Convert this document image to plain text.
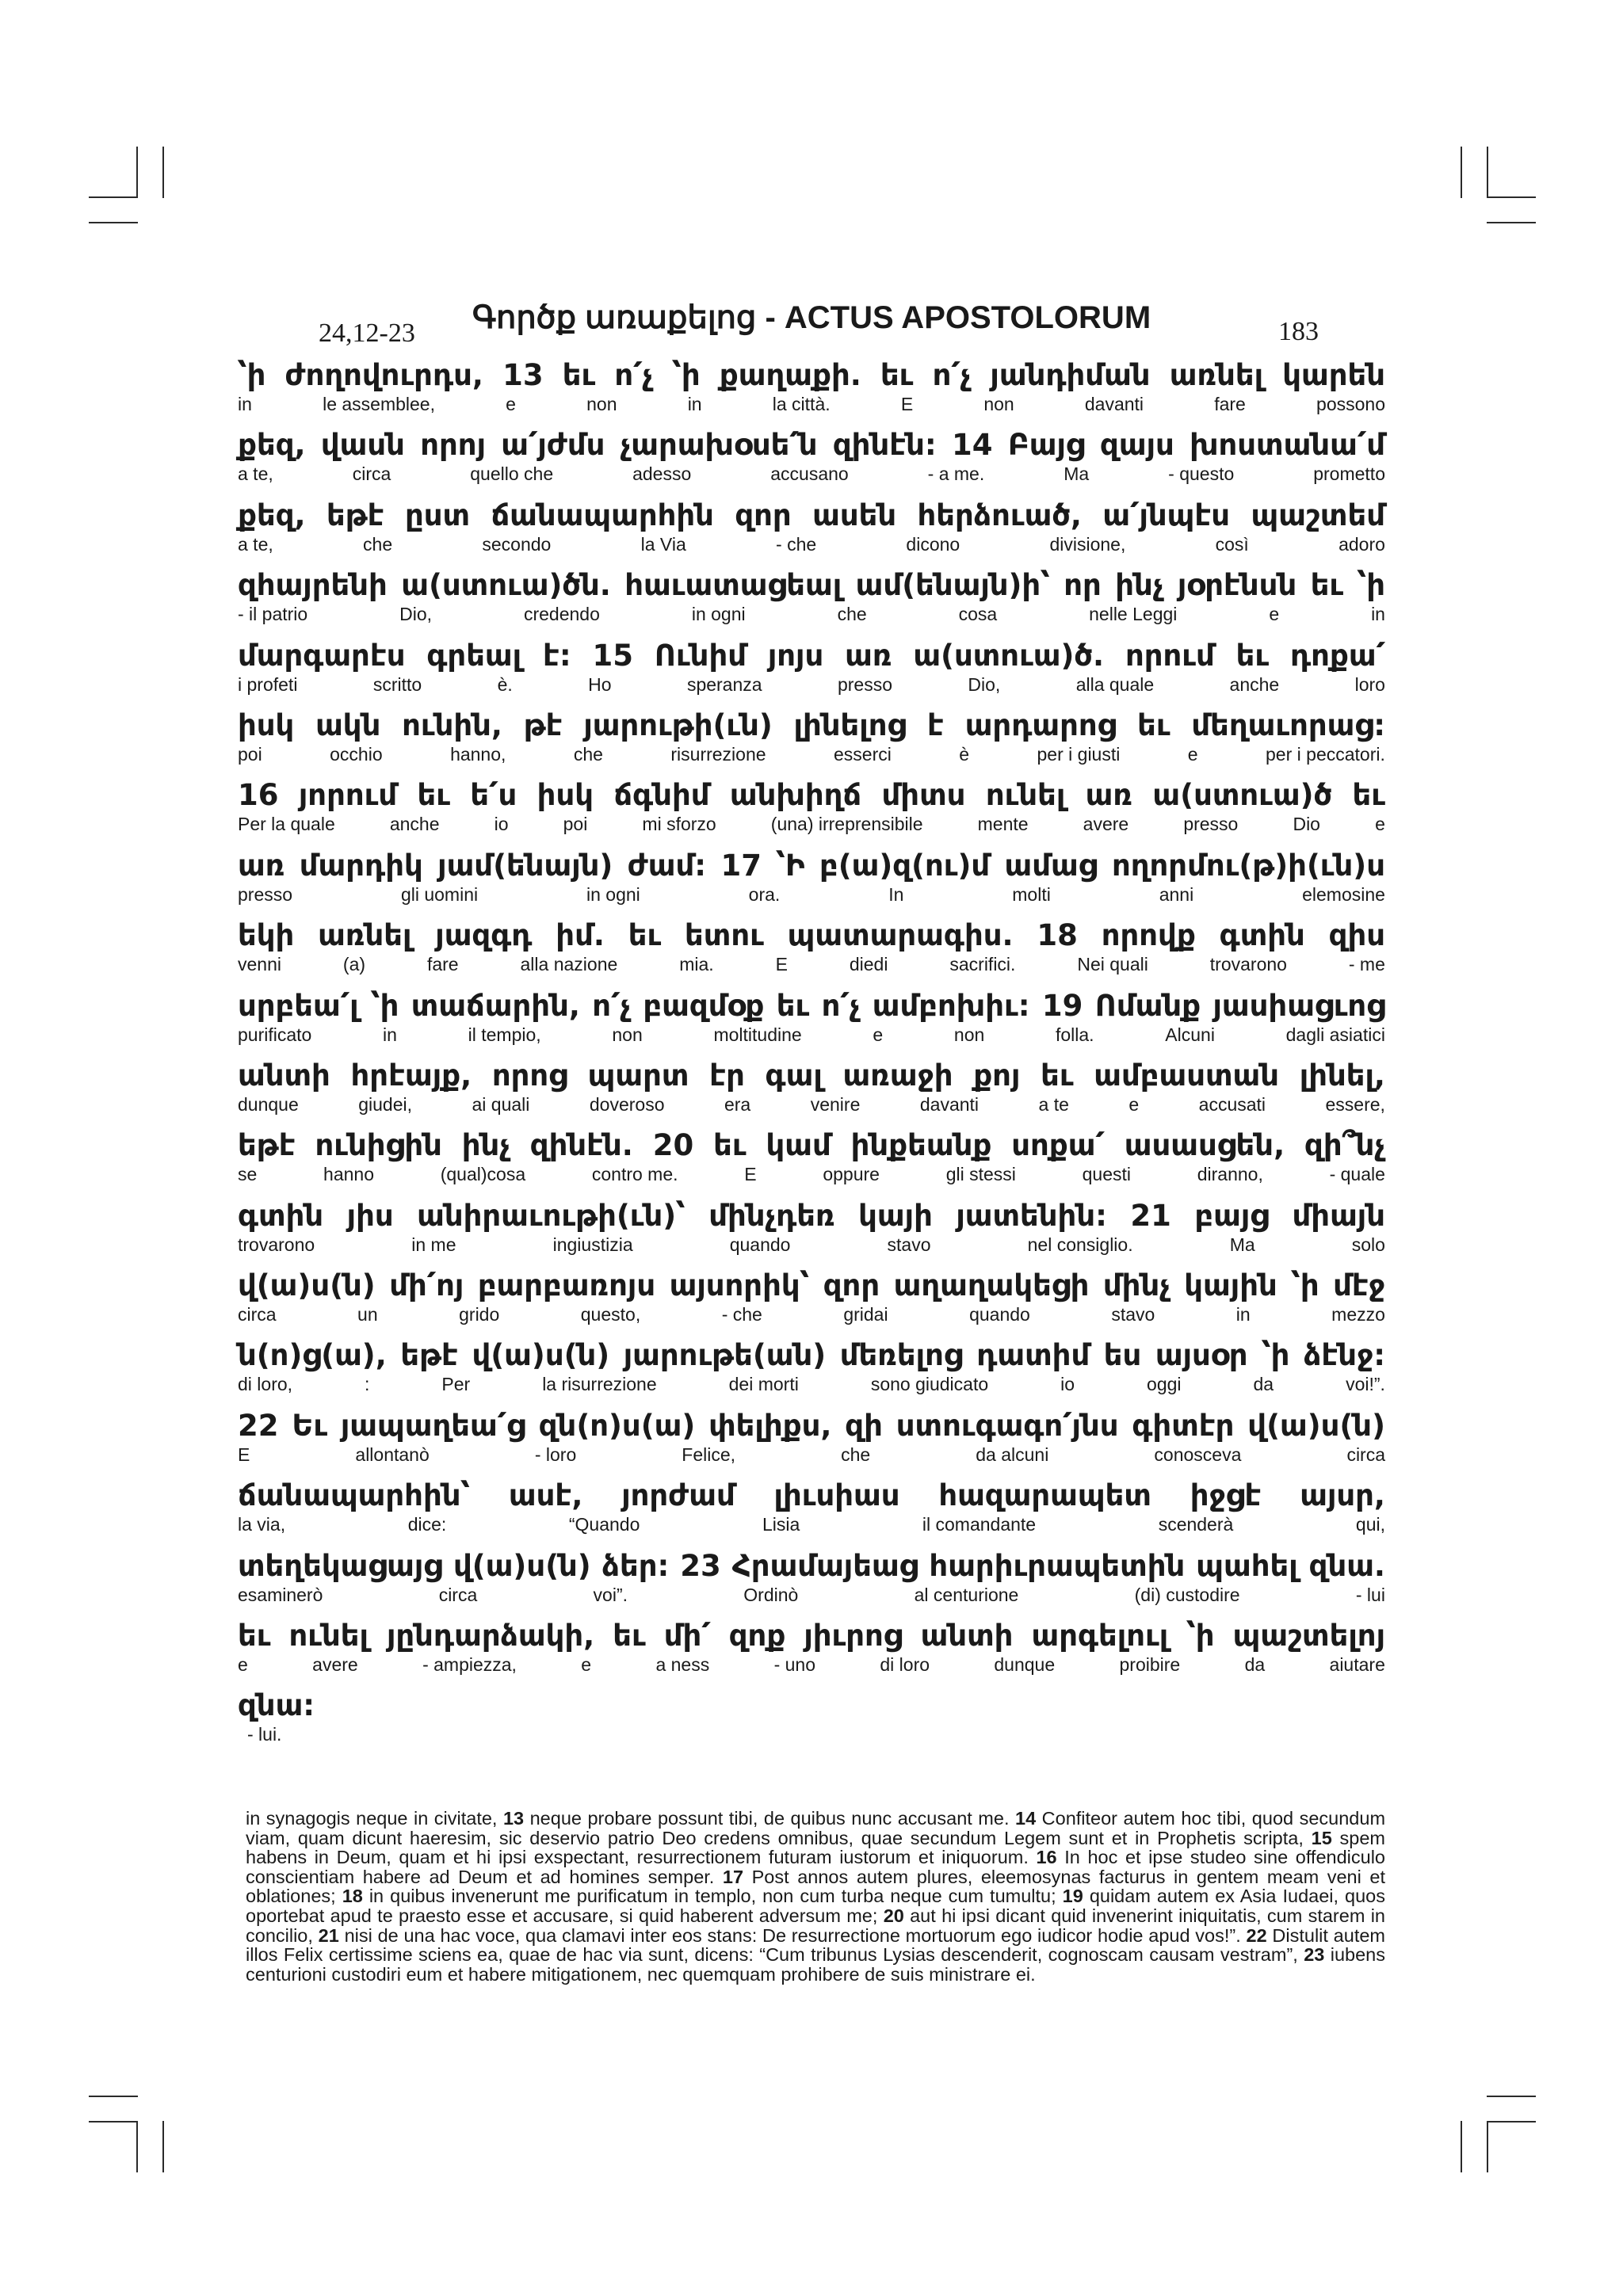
24,12-23	Գործք առաքելոց - ACTUS APOSTOLORUM	183
՝ի ժողովուրդս, 13 եւ ո՛չ ՝ի քաղաքի. եւ ո՛չ յանդիման առնել կարեն
in	le assemblee,	e	non	in	la città.	E	non	davanti	fare	possono
քեզ, վասն որոյ ա՛յժմս չարախօսե՛ն զինէն: 14 Բայց զայս խոստանա՛մ
a te,	circa	quello che	adesso	accusano	- a me.	Ma	- questo	prometto
քեզ, եթէ ըստ ճանապարհին զոր ասեն հերձուած, ա՛յնպէս պաշտեմ
a te,	che	secondo	la Via	- che	dicono	divisione,	così	adoro
զհայրենի ա(ստուա)ծն. հաւատացեալ ամ(ենայն)ի՝ որ ինչ յօրէնսն եւ ՝ի
- il patrio	Dio,	credendo	in ogni	che	cosa	nelle Leggi	e	in
մարգարէս գրեալ է: 15 Ունիմ յոյս առ ա(ստուա)ծ. որում եւ դոքա՛
i profeti	scritto	è.	Ho	speranza	presso	Dio,	alla quale	anche	loro
իսկ ակն ունին, թէ յարութի(ւն) լինելոց է արդարոց եւ մեղաւորաց:
poi	occhio	hanno,	che	risurrezione	esserci	è	per i giusti	e	per i peccatori.
16 յորում եւ ե՛ս իսկ ճգնիմ անխիղճ միտս ունել առ ա(ստուա)ծ եւ
Per la quale	anche	io	poi	mi sforzo	(una) irreprensibile	mente	avere	presso	Dio	e
առ մարդիկ յամ(ենայն) ժամ: 17 ՝Ի բ(ա)զ(ու)մ ամաց ողորմու(թ)ի(ւն)ս
presso	gli uomini	in ogni	ora.	In	molti	anni	elemosine
եկի առնել յազգդ իմ. եւ ետու պատարագիս. 18 որովք գտին զիս
venni	(a)	fare	alla nazione	mia.	E	diedi	sacrifici.	Nei quali	trovarono	- me
սրբեա՛լ ՝ի տաճարին, ո՛չ բազմօք եւ ո՛չ ամբոխիւ: 19 Ոմանք յասիացւոց
purificato	in	il tempio,	non	moltitudine	e	non	folla.	Alcuni	dagli asiatici
անտի հրէայք, որոց պարտ էր գալ առաջի քոյ եւ ամբաստան լինել,
dunque	giudei,	ai quali	doveroso	era	venire	davanti	a te	e	accusati	essere,
եթէ ունիցին ինչ զինէն. 20 եւ կամ ինքեանք սոքա՛ ասասցեն, զի՞նչ
se	hanno	(qual)cosa	contro me.	E	oppure	gli stessi	questi	diranno,	- quale
գտին յիս անիրաւութի(ւն)՝ մինչդեռ կայի յատենին: 21 բայց միայն
trovarono	in me	ingiustizia	quando	stavo	nel consiglio.	Ma	solo
վ(ա)ս(ն) մի՛ոյ բարբառոյս այսորիկ՝ զոր աղաղակեցի մինչ կային ՝ի մէջ
circa	un	grido	questo,	- che	gridai	quando	stavo	in	mezzo
ն(ո)ց(ա), եթէ վ(ա)ս(ն) յարութե(ան) մեռելոց դատիմ ես այսօր ՝ի ձէնջ:
di loro,	:	Per	la risurrezione	dei morti	sono giudicato	io	oggi	da	voi!”.
22 Եւ յապաղեա՛ց զն(ո)ս(ա) փելիքս, զի ստուգագո՛յնս գիտէր վ(ա)ս(ն)
E	allontanò	- loro	Felice,	che	da alcuni	conosceva	circa
ճանապարհին՝ ասէ, յորժամ լիւսիաս հազարապետ իջցէ այսր,
la via,	dice:	“Quando	Lisia	il comandante	scenderà	qui,
տեղեկացայց վ(ա)ս(ն) ձեր: 23 Հրամայեաց հարիւրապետին պահել զնա.
esaminerò	circa	voi”.	Ordinò	al centurione	(di) custodire	- lui
եւ ունել յընդարձակի, եւ մի՛ զոք յիւրոց անտի արգելուլ ՝ի պաշտելոյ
e	avere	- ampiezza,	e	a ness	- uno	di loro	dunque	proibire	da	aiutare
զնա:
- lui.
in synagogis neque in civitate, 13 neque probare possunt tibi, de quibus nunc accusant me. 14 Confiteor autem hoc tibi, quod secundum viam, quam dicunt haeresim, sic deservio patrio Deo credens omnibus, quae secundum Legem sunt et in Prophetis scripta, 15 spem habens in Deum, quam et hi ipsi exspectant, resurrectionem futuram iustorum et iniquorum. 16 In hoc et ipse studeo sine offendiculo conscientiam habere ad Deum et ad homines semper. 17 Post annos autem plures, eleemosynas facturus in gentem meam veni et oblationes; 18 in quibus invenerunt me purificatum in templo, non cum turba neque cum tumultu; 19 quidam autem ex Asia Iudaei, quos oportebat apud te praesto esse et accusare, si quid haberent adversum me; 20 aut hi ipsi dicant quid invenerint iniquitatis, cum starem in concilio, 21 nisi de una hac voce, qua clamavi inter eos stans: De resurrectione mortuorum ego iudicor hodie apud vos!”. 22 Distulit autem illos Felix certissime sciens ea, quae de hac via sunt, dicens: “Cum tribunus Lysias descenderit, cognoscam causam vestram”, 23 iubens centurioni custodiri eum et habere mitigationem, nec quemquam prohibere de suis ministrare ei.
